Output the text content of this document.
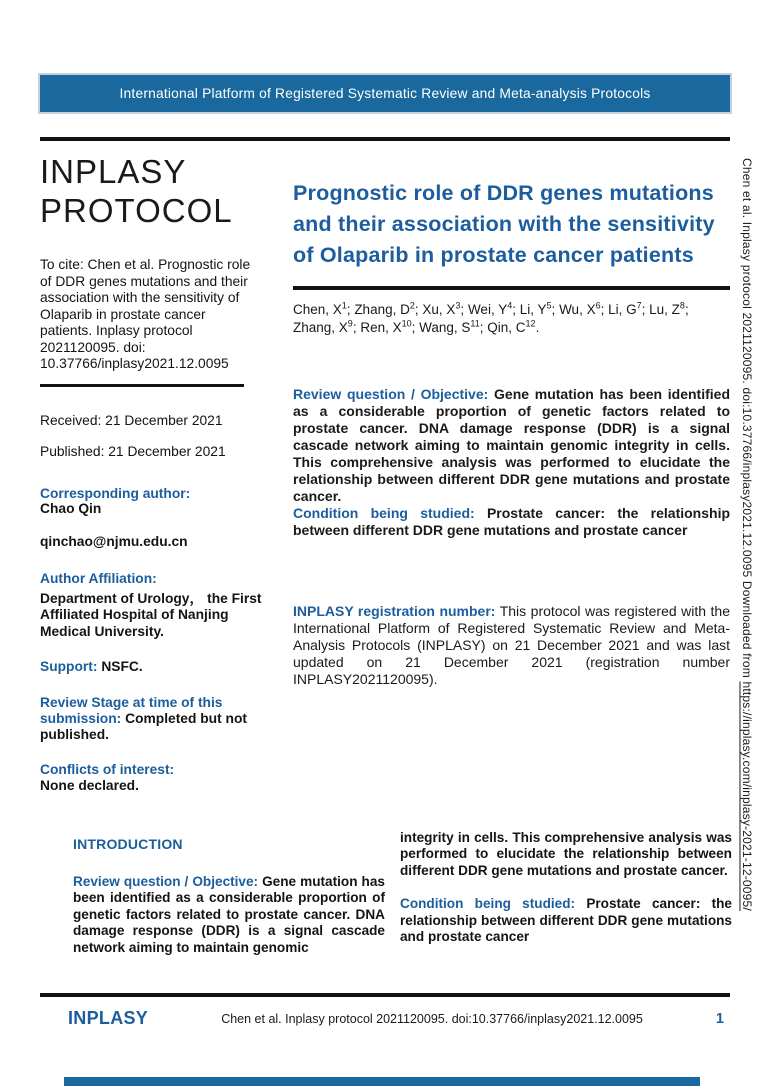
International Platform of Registered Systematic Review and Meta-analysis Protocols
INPLASY
PROTOCOL

To cite: Chen et al. Prognostic role of DDR genes mutations and their association with the sensitivity of Olaparib in prostate cancer patients. Inplasy protocol 2021120095. doi: 10.37766/inplasy2021.12.0095

Received: 21 December 2021

Published: 21 December 2021

Corresponding author:
Chao Qin

qinchao@njmu.edu.cn

Author Affiliation:
Department of Urology， the First Affiliated Hospital of Nanjing Medical University.

Support: NSFC.

Review Stage at time of this submission: Completed but not published.

Conflicts of interest:
None declared.

Prognostic role of DDR genes mutations and their association with the sensitivity of Olaparib in prostate cancer patients

Chen, $X^1$; Zhang, $D^2$; Xu, $X^3$; Wei, $Y^4$; Li, $Y^5$; Wu, $X^6$; Li, $G^7$; Lu, $Z^8$; Zhang, $X^9$; Ren, $X^{10}$; Wang, $S^{11}$; Qin, $C^{12}$.

Review question / Objective: Gene mutation has been identified as a considerable proportion of genetic factors related to prostate cancer. DNA damage response (DDR) is a signal cascade network aiming to maintain genomic integrity in cells. This comprehensive analysis was performed to elucidate the relationship between different DDR gene mutations and prostate cancer.

Condition being studied: Prostate cancer: the relationship between different DDR gene mutations and prostate cancer

INPLASY registration number: This protocol was registered with the International Platform of Registered Systematic Review and Meta-Analysis Protocols (INPLASY) on 21 December 2021 and was last updated on 21 December 2021 (registration number INPLASY2021120095).

INTRODUCTION

Review question / Objective: Gene mutation has been identified as a considerable proportion of genetic factors related to prostate cancer. DNA damage response (DDR) is a signal cascade network aiming to maintain genomic

integrity in cells. This comprehensive analysis was performed to elucidate the relationship between different DDR gene mutations and prostate cancer.

Condition being studied: Prostate cancer: the relationship between different DDR gene mutations and prostate cancer

INPLASY	Chen et al. Inplasy protocol 2021120095. doi:10.37766/inplasy2021.12.0095	1
Chen et al. Inplasy protocol 2021120095. doi:10.37766/inplasy2021.12.0095 Downloaded from https://inplasy.com/inplasy-2021-12-0095/
